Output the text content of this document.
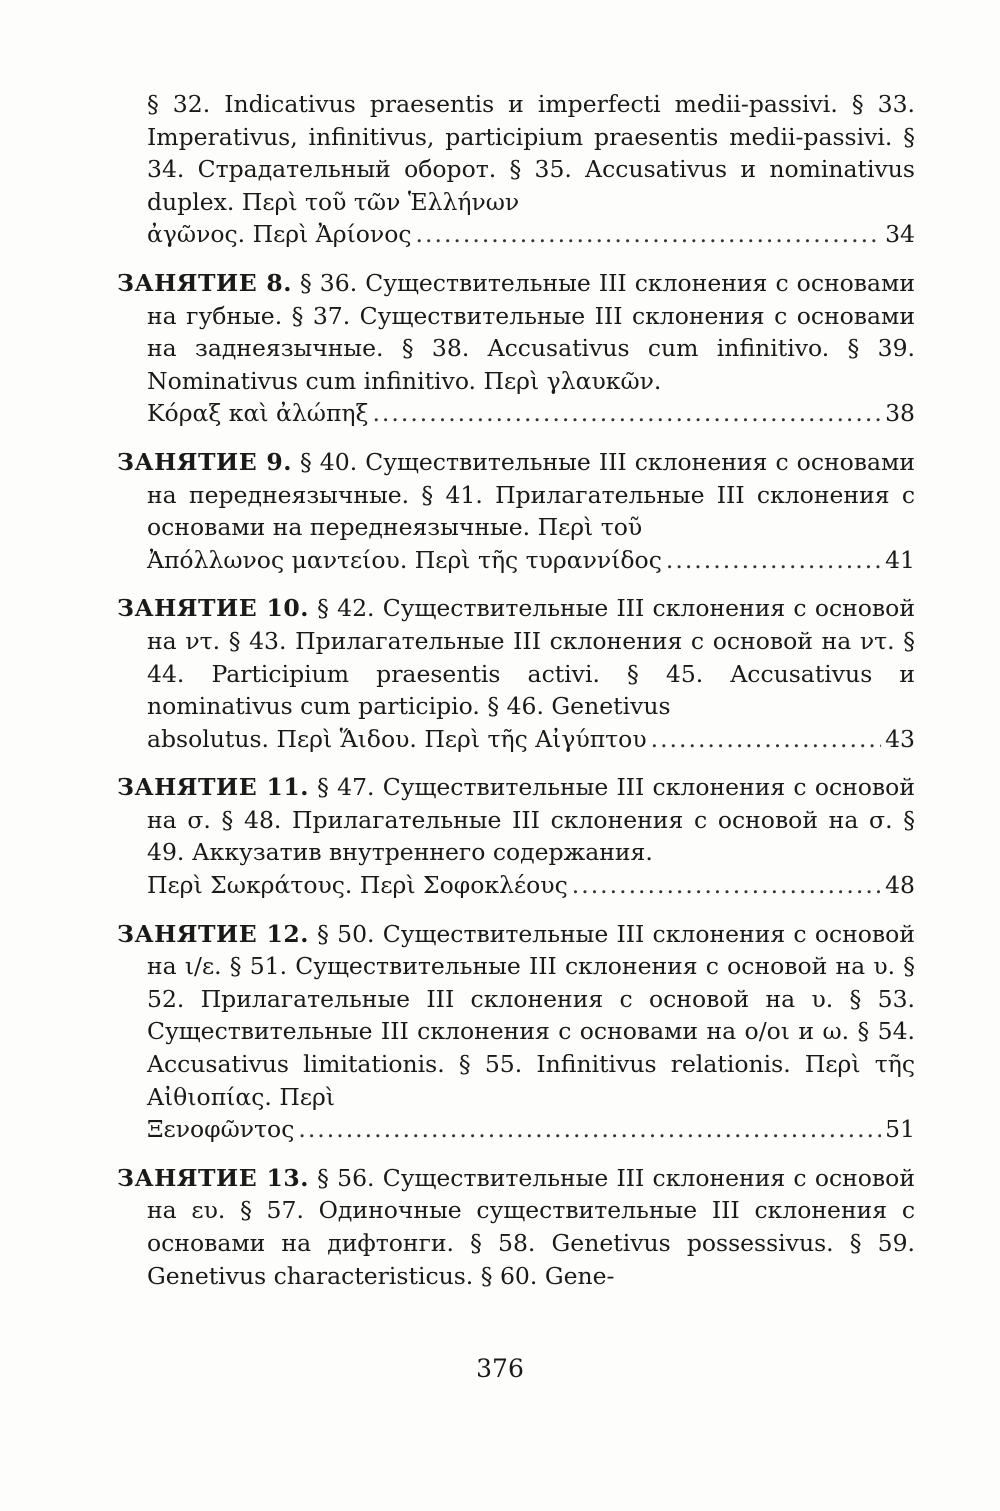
§ 32. Indicativus praesentis и imperfecti medii-passivi. § 33. Imperativus, infinitivus, participium praesentis medii-passivi. § 34. Страдательный оборот. § 35. Accusativus и nominativus duplex. Περὶ τοῦ τῶν Ἑλλήνων
ἀγῶνος. Περὶ Ἀρίονος .....	34
ЗАНЯТИЕ 8. § 36. Существительные III склонения с основами на губные. § 37. Существительные III склонения с основами на заднеязычные. § 38. Accusativus cum infinitivo. § 39. Nominativus cum infinitivo. Περὶ γλαυκῶν.
Κόραξ καὶ ἀλώπηξ .....	38
ЗАНЯТИЕ 9. § 40. Существительные III склонения с основами на переднеязычные. § 41. Прилагательные III склонения с основами на переднеязычные. Περὶ τοῦ
Ἀπόλλωνος μαντείου. Περὶ τῆς τυραννίδος .....	41
ЗАНЯТИЕ 10. § 42. Существительные III склонения с основой на ντ. § 43. Прилагательные III склонения с основой на ντ. § 44. Participium praesentis activi. § 45. Accusativus и nominativus cum participio. § 46. Genetivus
absolutus. Περὶ Ἅιδου. Περὶ τῆς Αἰγύπτου .....	43
ЗАНЯТИЕ 11. § 47. Существительные III склонения с основой на σ. § 48. Прилагательные III склонения с основой на σ. § 49. Аккузатив внутреннего содержания.
Περὶ Σωκράτους. Περὶ Σοφοκλέους .....	48
ЗАНЯТИЕ 12. § 50. Существительные III склонения с основой на ι/ε. § 51. Существительные III склонения с основой на υ. § 52. Прилагательные III склонения с основой на υ. § 53. Существительные III склонения с основами на ο/οι и ω. § 54. Accusativus limitationis. § 55. Infinitivus relationis. Περὶ τῆς Αἰθιοπίας. Περὶ
Ξενοφῶντος .....	51
ЗАНЯТИЕ 13. § 56. Существительные III склонения с основой на ευ. § 57. Одиночные существительные III склонения с основами на дифтонги. § 58. Genetivus possessivus. § 59. Genetivus characteristicus. § 60. Gene-
376
